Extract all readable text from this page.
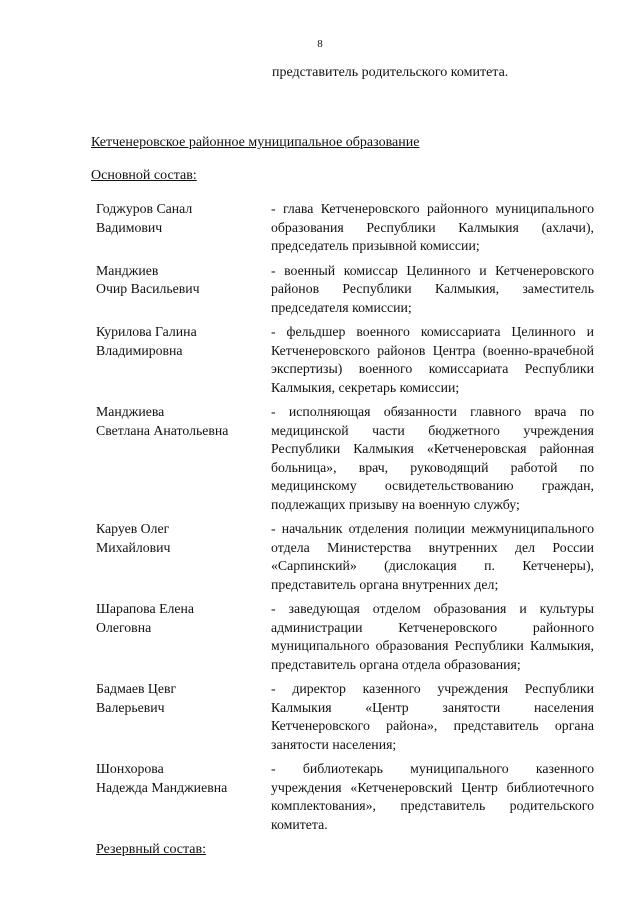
8
представитель родительского комитета.
Кетченеровское районное муниципальное образование
Основной состав:
Годжуров Санал
Вадимович
- глава Кетченеровского районного муниципального образования Республики Калмыкия (ахлачи), председатель призывной комиссии;
Манджиев
Очир Васильевич
- военный комиссар Целинного и Кетченеровского районов Республики Калмыкия, заместитель председателя комиссии;
Курилова Галина
Владимировна
- фельдшер военного комиссариата Целинного и Кетченеровского районов Центра (военно-врачебной экспертизы) военного комиссариата Республики Калмыкия, секретарь комиссии;
Манджиева
Светлана Анатольевна
- исполняющая обязанности главного врача по медицинской части бюджетного учреждения Республики Калмыкия «Кетченеровская районная больница», врач, руководящий работой по медицинскому освидетельствованию граждан, подлежащих призыву на военную службу;
Каруев Олег
Михайлович
- начальник отделения полиции межмуниципального отдела Министерства внутренних дел России «Сарпинский» (дислокация п. Кетченеры), представитель органа внутренних дел;
Шарапова Елена
Олеговна
- заведующая отделом образования и культуры администрации Кетченеровского районного муниципального образования Республики Калмыкия, представитель органа отдела образования;
Бадмаев Цевг
Валерьевич
- директор казенного учреждения Республики Калмыкия «Центр занятости населения Кетченеровского района», представитель органа занятости населения;
Шонхорова
Надежда Манджиевна
- библиотекарь муниципального казенного учреждения «Кетченеровский Центр библиотечного комплектования», представитель родительского комитета.
Резервный состав:
